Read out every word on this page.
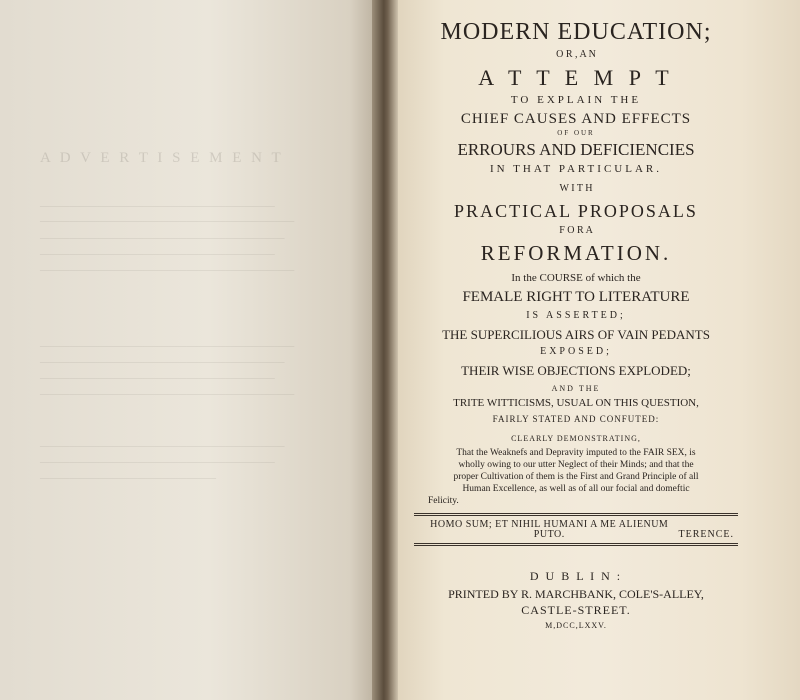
A D V E R T I S E M E N T
————————————————————————
——————————————————————————
—————————————————————————
————————————————————————
——————————————————————————
——————————————————————————
—————————————————————————
————————————————————————
——————————————————————————
—————————————————————————
————————————————————————
——————————————————
MODERN EDUCATION;
O R , A N
A T T E M P T
TO EXPLAIN THE
CHIEF CAUSES AND EFFECTS
OF OUR
ERROURS AND DEFICIENCIES
IN THAT PARTICULAR.
W I T H
PRACTICAL PROPOSALS
F O R A
REFORMATION.
In the COURSE of which the
FEMALE RIGHT TO LITERATURE
IS ASSERTED;
THE SUPERCILIOUS AIRS OF VAIN PEDANTS
EXPOSED;
THEIR WISE OBJECTIONS EXPLODED;
AND THE
TRITE WITTICISMS, USUAL ON THIS QUESTION,
FAIRLY STATED AND CONFUTED:
CLEARLY DEMONSTRATING,
That the Weaknefs and Depravity imputed to the FAIR SEX, is
wholly owing to our utter Neglect of their Minds; and that the
proper Cultivation of them is the First and Grand Principle of all
Human Excellence, as well as of all our focial and domeftic
Felicity.
HOMO SUM; ET NIHIL HUMANI A ME ALIENUM PUTO.	TERENCE.
D U B L I N :
PRINTED BY R. MARCHBANK, COLE'S-ALLEY,
CASTLE-STREET.
M,DCC,LXXV.
